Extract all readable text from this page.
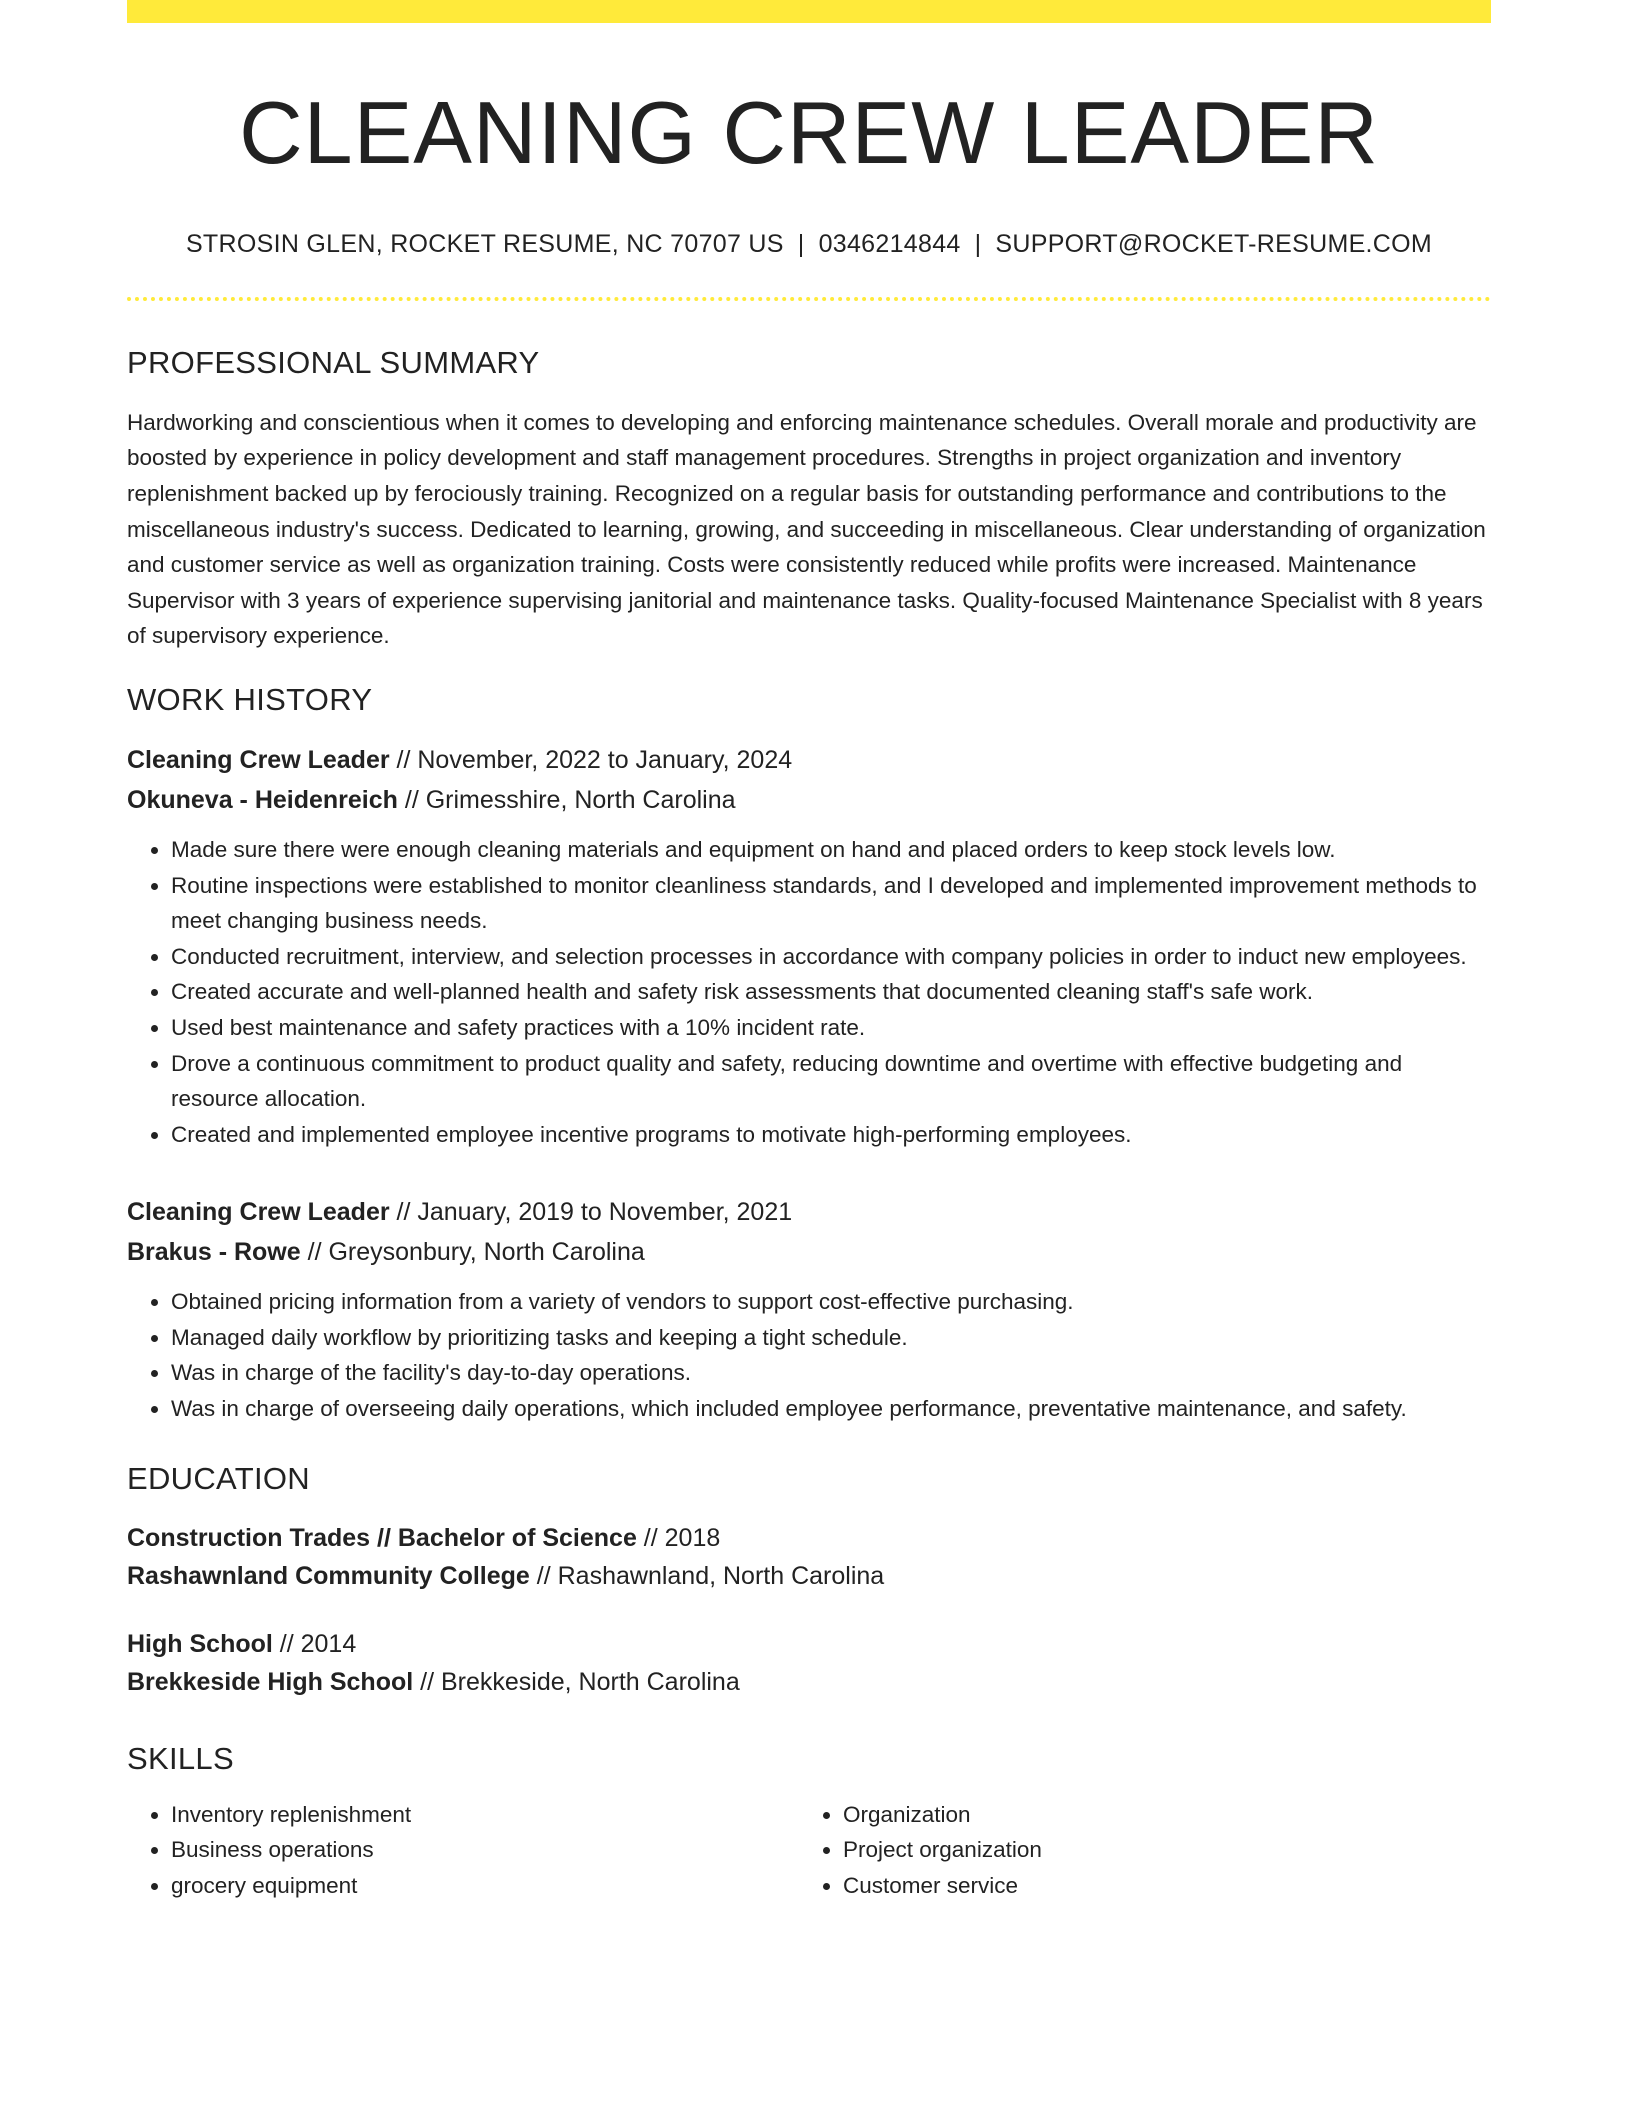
CLEANING CREW LEADER
STROSIN GLEN, ROCKET RESUME, NC 70707 US | 0346214844 | SUPPORT@ROCKET-RESUME.COM
PROFESSIONAL SUMMARY
Hardworking and conscientious when it comes to developing and enforcing maintenance schedules. Overall morale and productivity are boosted by experience in policy development and staff management procedures. Strengths in project organization and inventory replenishment backed up by ferociously training. Recognized on a regular basis for outstanding performance and contributions to the miscellaneous industry's success. Dedicated to learning, growing, and succeeding in miscellaneous. Clear understanding of organization and customer service as well as organization training. Costs were consistently reduced while profits were increased. Maintenance Supervisor with 3 years of experience supervising janitorial and maintenance tasks. Quality-focused Maintenance Specialist with 8 years of supervisory experience.
WORK HISTORY
Cleaning Crew Leader // November, 2022 to January, 2024
Okuneva - Heidenreich // Grimesshire, North Carolina
• Made sure there were enough cleaning materials and equipment on hand and placed orders to keep stock levels low.
• Routine inspections were established to monitor cleanliness standards, and I developed and implemented improvement methods to meet changing business needs.
• Conducted recruitment, interview, and selection processes in accordance with company policies in order to induct new employees.
• Created accurate and well-planned health and safety risk assessments that documented cleaning staff's safe work.
• Used best maintenance and safety practices with a 10% incident rate.
• Drove a continuous commitment to product quality and safety, reducing downtime and overtime with effective budgeting and resource allocation.
• Created and implemented employee incentive programs to motivate high-performing employees.
Cleaning Crew Leader // January, 2019 to November, 2021
Brakus - Rowe // Greysonbury, North Carolina
• Obtained pricing information from a variety of vendors to support cost-effective purchasing.
• Managed daily workflow by prioritizing tasks and keeping a tight schedule.
• Was in charge of the facility's day-to-day operations.
• Was in charge of overseeing daily operations, which included employee performance, preventative maintenance, and safety.
EDUCATION
Construction Trades // Bachelor of Science // 2018
Rashawnland Community College // Rashawnland, North Carolina
High School // 2014
Brekkeside High School // Brekkeside, North Carolina
SKILLS
• Inventory replenishment
• Business operations
• grocery equipment
• Organization
• Project organization
• Customer service
